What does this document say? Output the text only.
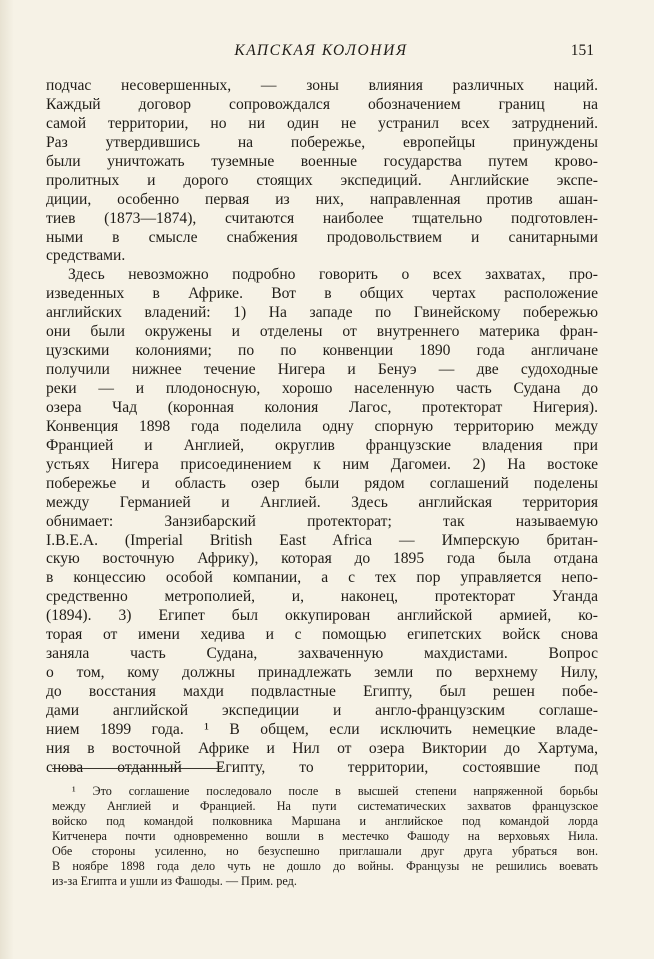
КАПСКАЯ КОЛОНИЯ	151
подчас несовершенных, — зоны влияния различных наций.
Каждый договор сопровождался обозначением границ на
самой территории, но ни один не устранил всех затруднений.
Раз утвердившись на побережье, европейцы принуждены
были уничтожать туземные военные государства путем крово-
пролитных и дорого стоящих экспедиций. Английские экспе-
диции, особенно первая из них, направленная против ашан-
тиев (1873—1874), считаются наиболее тщательно подготовлен-
ными в смысле снабжения продовольствием и санитарными
средствами.
Здесь невозможно подробно говорить о всех захватах, про-
изведенных в Африке. Вот в общих чертах расположение
английских владений: 1) На западе по Гвинейскому побережью
они были окружены и отделены от внутреннего материка фран-
цузскими колониями; по по конвенции 1890 года англичане
получили нижнее течение Нигера и Бенуэ — две судоходные
реки — и плодоносную, хорошо населенную часть Судана до
озера Чад (коронная колония Лагос, протекторат Нигерия).
Конвенция 1898 года поделила одну спорную территорию между
Францией и Англией, округлив французские владения при
устьях Нигера присоединением к ним Дагомеи. 2) На востоке
побережье и область озер были рядом соглашений поделены
между Германией и Англией. Здесь английская территория
обнимает: Занзибарский протекторат; так называемую
I.B.E.A. (Imperial British East Africa — Имперскую британ-
скую восточную Африку), которая до 1895 года была отдана
в концессию особой компании, а с тех пор управляется непо-
средственно метрополией, и, наконец, протекторат Уганда
(1894). 3) Египет был оккупирован английской армией, ко-
торая от имени хедива и с помощью египетских войск снова
заняла часть Судана, захваченную махдистами. Вопрос
о том, кому должны принадлежать земли по верхнему Нилу,
до восстания махди подвластные Египту, был решен побе-
дами английской экспедиции и англо-французским соглаше-
нием 1899 года. ¹ В общем, если исключить немецкие владе-
ния в восточной Африке и Нил от озера Виктории до Хартума,
снова отданный Египту, то территории, состоявшие под
¹ Это соглашение последовало после в высшей степени напряженной борьбы
между Англией и Францией. На пути систематических захватов французское
войско под командой полковника Маршана и английское под командой лорда
Китченера почти одновременно вошли в местечко Фашоду на верховьях Нила.
Обе стороны усиленно, но безуспешно приглашали друг друга убраться вон.
В ноябре 1898 года дело чуть не дошло до войны. Французы не решились воевать
из-за Египта и ушли из Фашоды. — Прим. ред.
